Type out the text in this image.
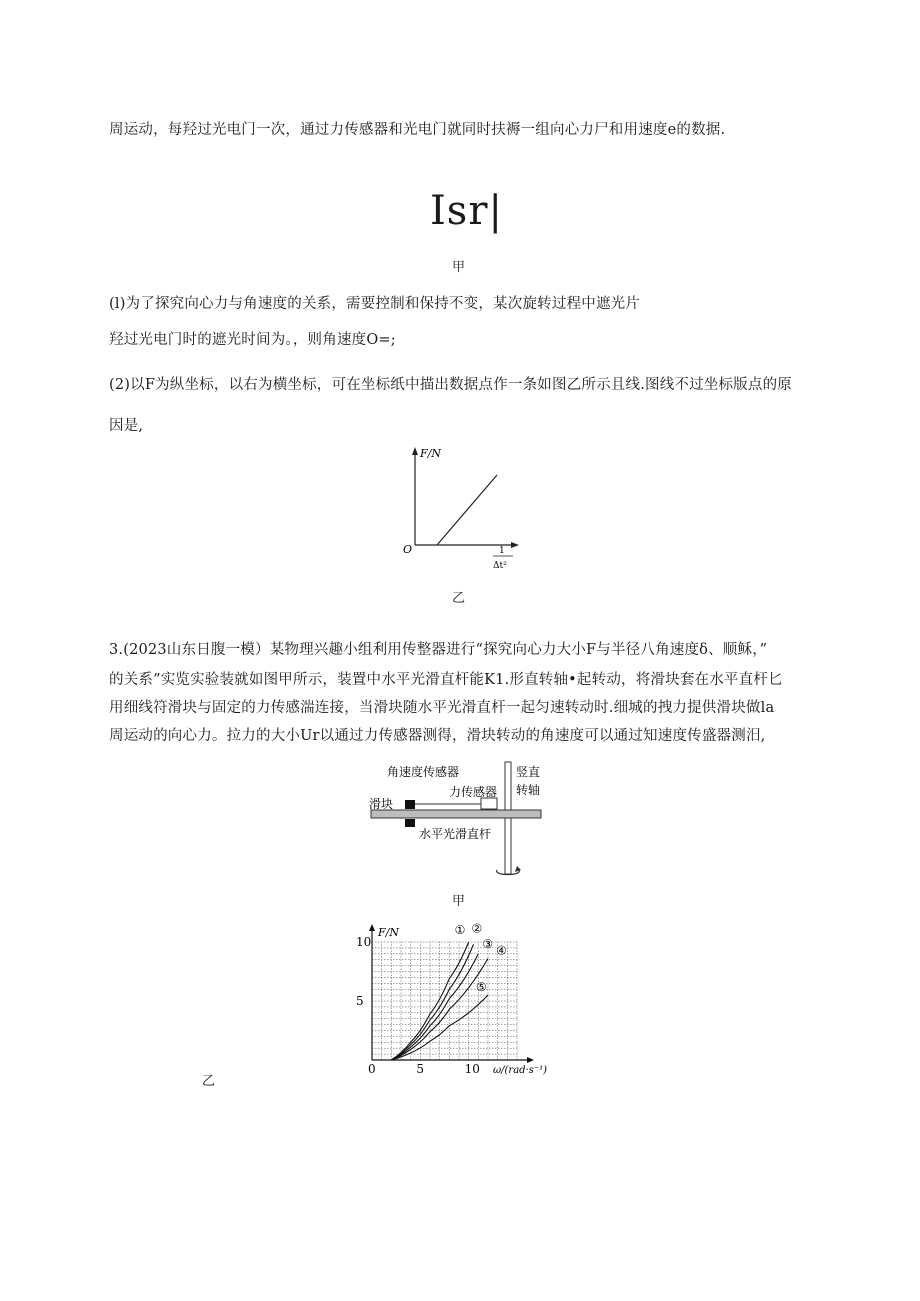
周运动，每羟过光电门一次，通过力传感器和光电门就同时扶褥一组向心力尸和用速度e的数据.
Isr|
甲
(l)为了探究向心力与角速度的关系，需要控制和保持不变，某次旋转过程中遮光片
羟过光电门时的遮光时间为。，则角速度O=;
(2)以F为纵坐标，以右为横坐标，可在坐标纸中描出数据点作一条如图乙所示且线.图线不过坐标版点的原
因是,
F/N
O	1
Δt²
乙
3.(2023山东日腹一模）某物理兴趣小组利用传整器进行“探究向心力大小F与半径八角速度δ、顺稣，”
的关系”实览实验装就如图甲所示，装置中水平光滑直杆能K1.形直转轴•起转动，将滑块套在水平直杆匕
用细线符滑块与固定的力传感湍连接，当滑块随水平光滑直杆一起匀速转动时.细城的拽力提供滑块做la
周运动的向心力。拉力的大小Ur以通过力传感器测得，滑块转动的角速度可以通过知速度传盛器测汨,
角速度传感器
力传感器
滑块
水平光滑直杆
竖直
转轴
甲
① ②
③ ④
⑤
0	5	10
5
10
F/N
ω/(rad·s⁻¹)
乙
